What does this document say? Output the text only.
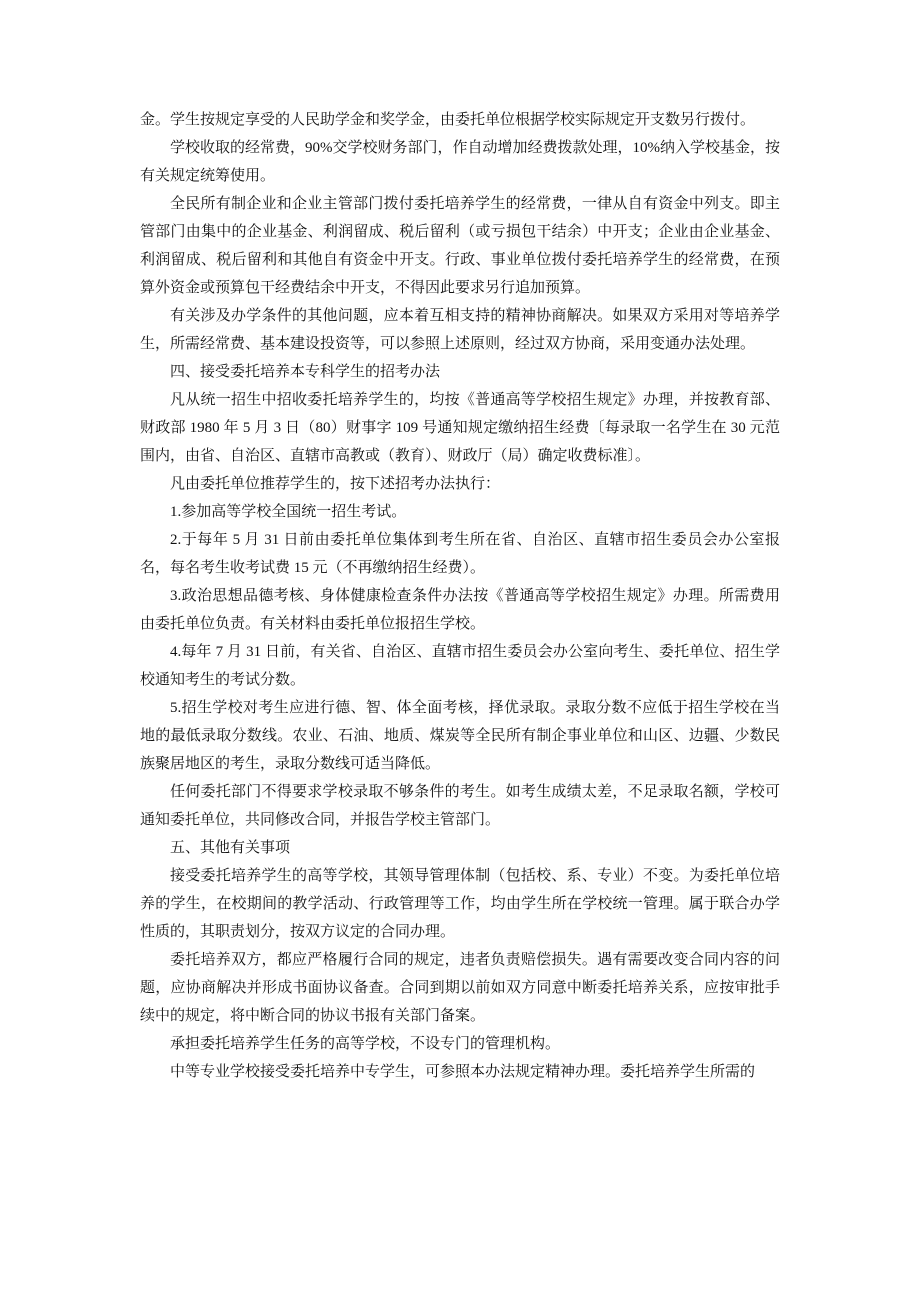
金。学生按规定享受的人民助学金和奖学金，由委托单位根据学校实际规定开支数另行拨付。

学校收取的经常费，90%交学校财务部门，作自动增加经费拨款处理，10%纳入学校基金，按有关规定统筹使用。

全民所有制企业和企业主管部门拨付委托培养学生的经常费，一律从自有资金中列支。即主管部门由集中的企业基金、利润留成、税后留利（或亏损包干结余）中开支；企业由企业基金、利润留成、税后留利和其他自有资金中开支。行政、事业单位拨付委托培养学生的经常费，在预算外资金或预算包干经费结余中开支，不得因此要求另行追加预算。

有关涉及办学条件的其他问题，应本着互相支持的精神协商解决。如果双方采用对等培养学生，所需经常费、基本建设投资等，可以参照上述原则，经过双方协商，采用变通办法处理。

四、接受委托培养本专科学生的招考办法

凡从统一招生中招收委托培养学生的，均按《普通高等学校招生规定》办理，并按教育部、财政部 1980 年 5 月 3 日（80）财事字 109 号通知规定缴纳招生经费〔每录取一名学生在 30 元范围内，由省、自治区、直辖市高教或（教育）、财政厅（局）确定收费标准〕。

凡由委托单位推荐学生的，按下述招考办法执行：

1.参加高等学校全国统一招生考试。

2.于每年 5 月 31 日前由委托单位集体到考生所在省、自治区、直辖市招生委员会办公室报名，每名考生收考试费 15 元（不再缴纳招生经费）。

3.政治思想品德考核、身体健康检查条件办法按《普通高等学校招生规定》办理。所需费用由委托单位负责。有关材料由委托单位报招生学校。

4.每年 7 月 31 日前，有关省、自治区、直辖市招生委员会办公室向考生、委托单位、招生学校通知考生的考试分数。

5.招生学校对考生应进行德、智、体全面考核，择优录取。录取分数不应低于招生学校在当地的最低录取分数线。农业、石油、地质、煤炭等全民所有制企事业单位和山区、边疆、少数民族聚居地区的考生，录取分数线可适当降低。

任何委托部门不得要求学校录取不够条件的考生。如考生成绩太差，不足录取名额，学校可通知委托单位，共同修改合同，并报告学校主管部门。

五、其他有关事项

接受委托培养学生的高等学校，其领导管理体制（包括校、系、专业）不变。为委托单位培养的学生，在校期间的教学活动、行政管理等工作，均由学生所在学校统一管理。属于联合办学性质的，其职责划分，按双方议定的合同办理。

委托培养双方，都应严格履行合同的规定，违者负责赔偿损失。遇有需要改变合同内容的问题，应协商解决并形成书面协议备查。合同到期以前如双方同意中断委托培养关系，应按审批手续中的规定，将中断合同的协议书报有关部门备案。

承担委托培养学生任务的高等学校，不设专门的管理机构。

中等专业学校接受委托培养中专学生，可参照本办法规定精神办理。委托培养学生所需的
